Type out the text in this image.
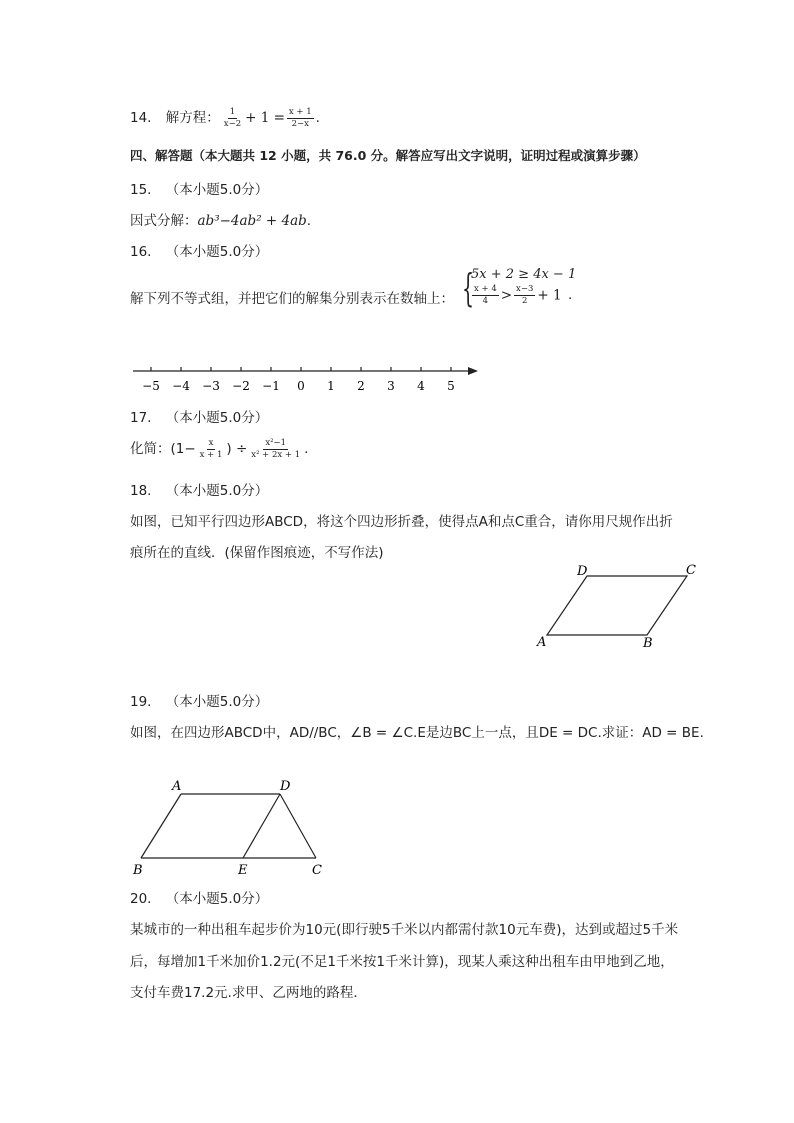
14. 解方程： $\frac{1}{x-2} + 1 = \frac{x + 1}{2-x}$ .
四、解答题（本大题共 12 小题，共 76.0 分。解答应写出文字说明，证明过程或演算步骤）
15. （本小题5.0分）
因式分解：ab³−4ab² + 4ab.
16. （本小题5.0分）
解下列不等式组，并把它们的解集分别表示在数轴上： {
5x + 2 ≥ 4x − 1
$\frac{x + 4}{4} > \frac{x-3}{2} + 1$ .
−5 −4 −3 −2 −1 0 1 2 3 4 5
17. （本小题5.0分）
化简：($1- \frac{x}{x + 1}$ ) ÷ $\frac{\text{x²−1}}{\text{x² + 2x + 1}}$ .
18. （本小题5.0分）
如图，已知平行四边形ABCD，将这个四边形折叠，使得点A和点C重合，请你用尺规作出折
痕所在的直线．(保留作图痕迹，不写作法)
A	B
C
D
19. （本小题5.0分）
如图，在四边形ABCD中，AD//BC，∠B = ∠C.E是边BC上一点，且DE = DC.求证：AD = BE.
A	D
B	E	C
20. （本小题5.0分）
某城市的一种出租车起步价为10元(即行驶5千米以内都需付款10元车费)，达到或超过5千米
后，每增加1千米加价1.2元(不足1千米按1千米计算)，现某人乘这种出租车由甲地到乙地，
支付车费17.2元.求甲、乙两地的路程．
